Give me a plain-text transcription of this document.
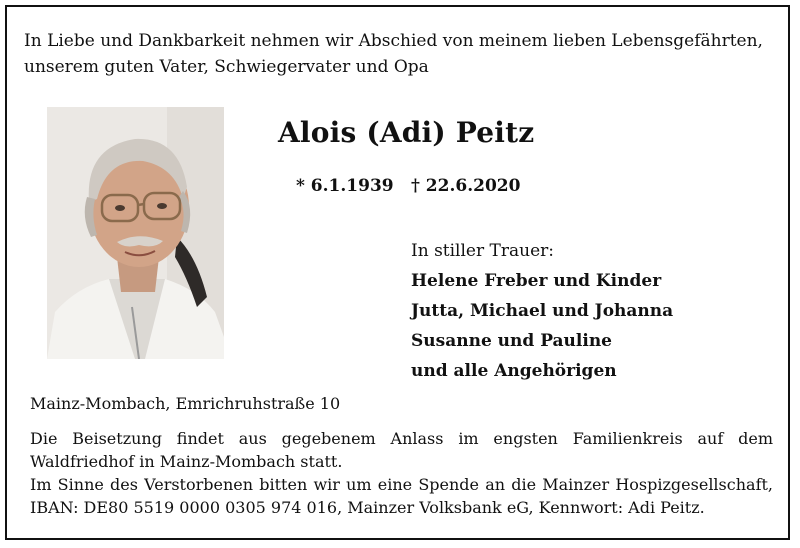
In Liebe und Dankbarkeit nehmen wir Abschied von meinem lieben Lebensgefährten,
unserem guten Vater, Schwiegervater und Opa
Alois (Adi) Peitz
* 6.1.1939 † 22.6.2020
In stiller Trauer:
Helene Freber und Kinder
Jutta, Michael und Johanna
Susanne und Pauline
und alle Angehörigen
Mainz-Mombach, Emrichruhstraße 10

Die Beisetzung findet aus gegebenem Anlass im engsten Familienkreis auf dem Waldfriedhof in Mainz-Mombach statt.

Im Sinne des Verstorbenen bitten wir um eine Spende an die Mainzer Hospizgesellschaft, IBAN: DE80 5519 0000 0305 974 016, Mainzer Volksbank eG, Kennwort: Adi Peitz.
